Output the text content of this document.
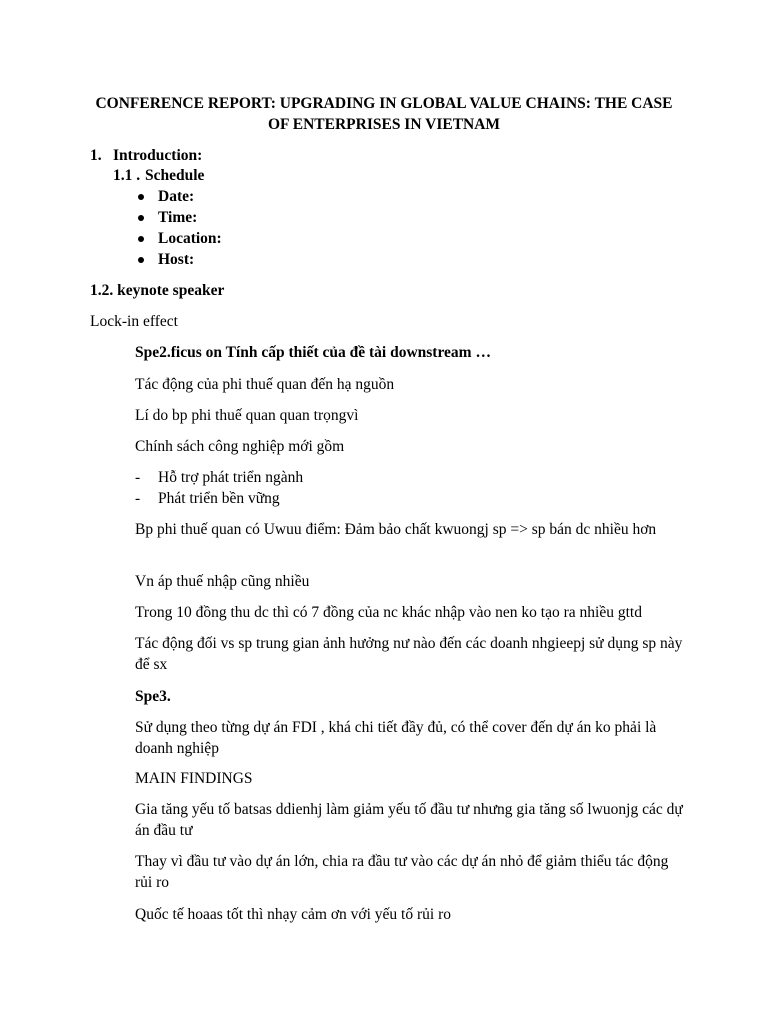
CONFERENCE REPORT: UPGRADING IN GLOBAL VALUE CHAINS: THE CASE OF ENTERPRISES IN VIETNAM
1. Introduction:
1.1 . Schedule
Date:
Time:
Location:
Host:
1.2. keynote speaker
Lock-in effect
Spe2.ficus on Tính cấp thiết của đề tài downstream …
Tác động của phi thuế quan đến hạ nguồn
Lí do bp phi thuế quan quan trọngvì
Chính sách công nghiệp mới gồm
- Hỗ trợ phát triển ngành
- Phát triển bền vững
Bp phi thuế quan có Uwuu điểm: Đảm bảo chất kwuongj sp => sp bán dc nhiều hơn
Vn áp thuế nhập cũng nhiều
Trong 10 đồng thu dc thì có 7 đồng của nc khác nhập vào nen ko tạo ra nhiều gttd
Tác động đối vs sp trung gian ảnh hưởng nư nào đến các doanh nhgieepj sử dụng sp này để sx
Spe3.
Sử dụng theo từng dự án FDI , khá chi tiết đầy đủ, có thể cover đến dự án ko phải là doanh nghiệp
MAIN FINDINGS
Gia tăng yếu tố batsas ddienhj làm giảm yếu tố đầu tư nhưng gia tăng số lwuonjg các dự án đầu tư
Thay vì đầu tư vào dự án lớn, chia ra đầu tư vào các dự án nhỏ để giảm thiểu tác động rủi ro
Quốc tế hoaas tốt thì nhạy cảm ơn với yếu tố rủi ro
